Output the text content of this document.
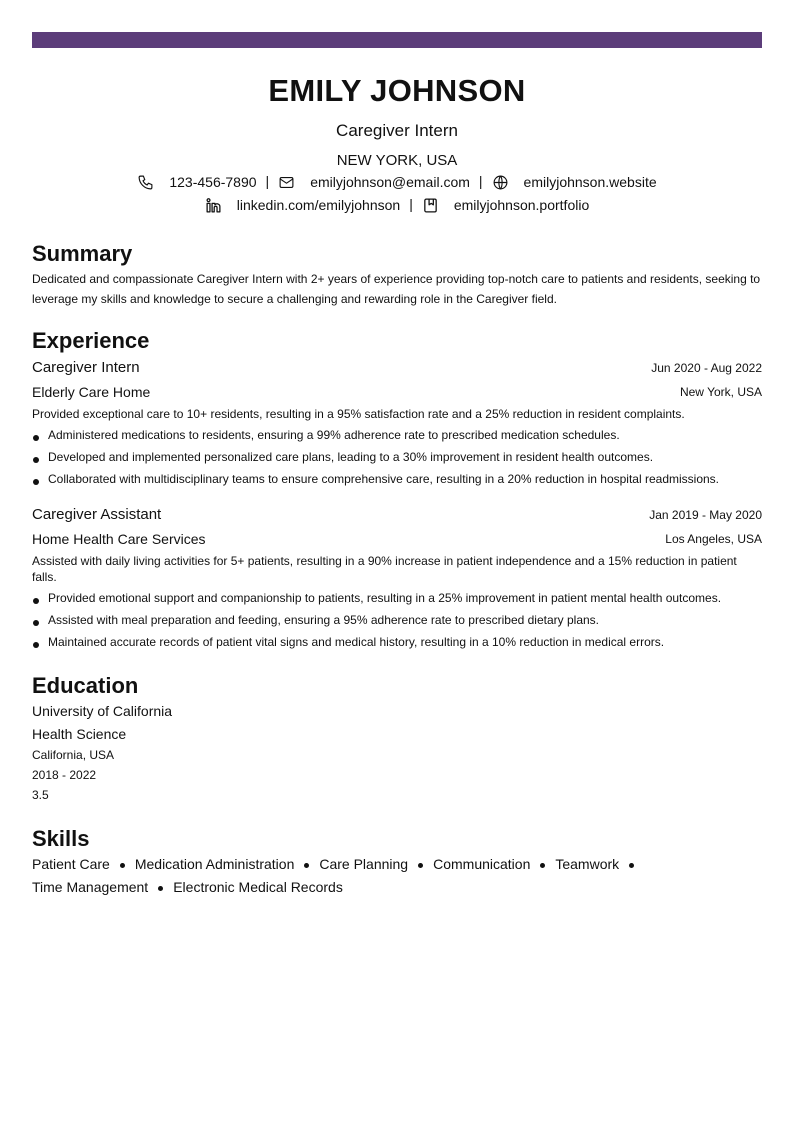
EMILY JOHNSON
Caregiver Intern
NEW YORK, USA
123-456-7890 |	emilyjohnson@email.com |	emilyjohnson.website
linkedin.com/emilyjohnson |	emilyjohnson.portfolio
Summary
Dedicated and compassionate Caregiver Intern with 2+ years of experience providing top-notch care to patients and residents, seeking to leverage my skills and knowledge to secure a challenging and rewarding role in the Caregiver field.
Experience
Caregiver Intern	Jun 2020 - Aug 2022
Elderly Care Home	New York, USA
Provided exceptional care to 10+ residents, resulting in a 95% satisfaction rate and a 25% reduction in resident complaints.
Administered medications to residents, ensuring a 99% adherence rate to prescribed medication schedules.
Developed and implemented personalized care plans, leading to a 30% improvement in resident health outcomes.
Collaborated with multidisciplinary teams to ensure comprehensive care, resulting in a 20% reduction in hospital readmissions.
Caregiver Assistant	Jan 2019 - May 2020
Home Health Care Services	Los Angeles, USA
Assisted with daily living activities for 5+ patients, resulting in a 90% increase in patient independence and a 15% reduction in patient falls.
Provided emotional support and companionship to patients, resulting in a 25% improvement in patient mental health outcomes.
Assisted with meal preparation and feeding, ensuring a 95% adherence rate to prescribed dietary plans.
Maintained accurate records of patient vital signs and medical history, resulting in a 10% reduction in medical errors.
Education
University of California
Health Science
California, USA
2018 - 2022
3.5
Skills
Patient Care Medication Administration Care Planning Communication Teamwork
Time Management Electronic Medical Records
